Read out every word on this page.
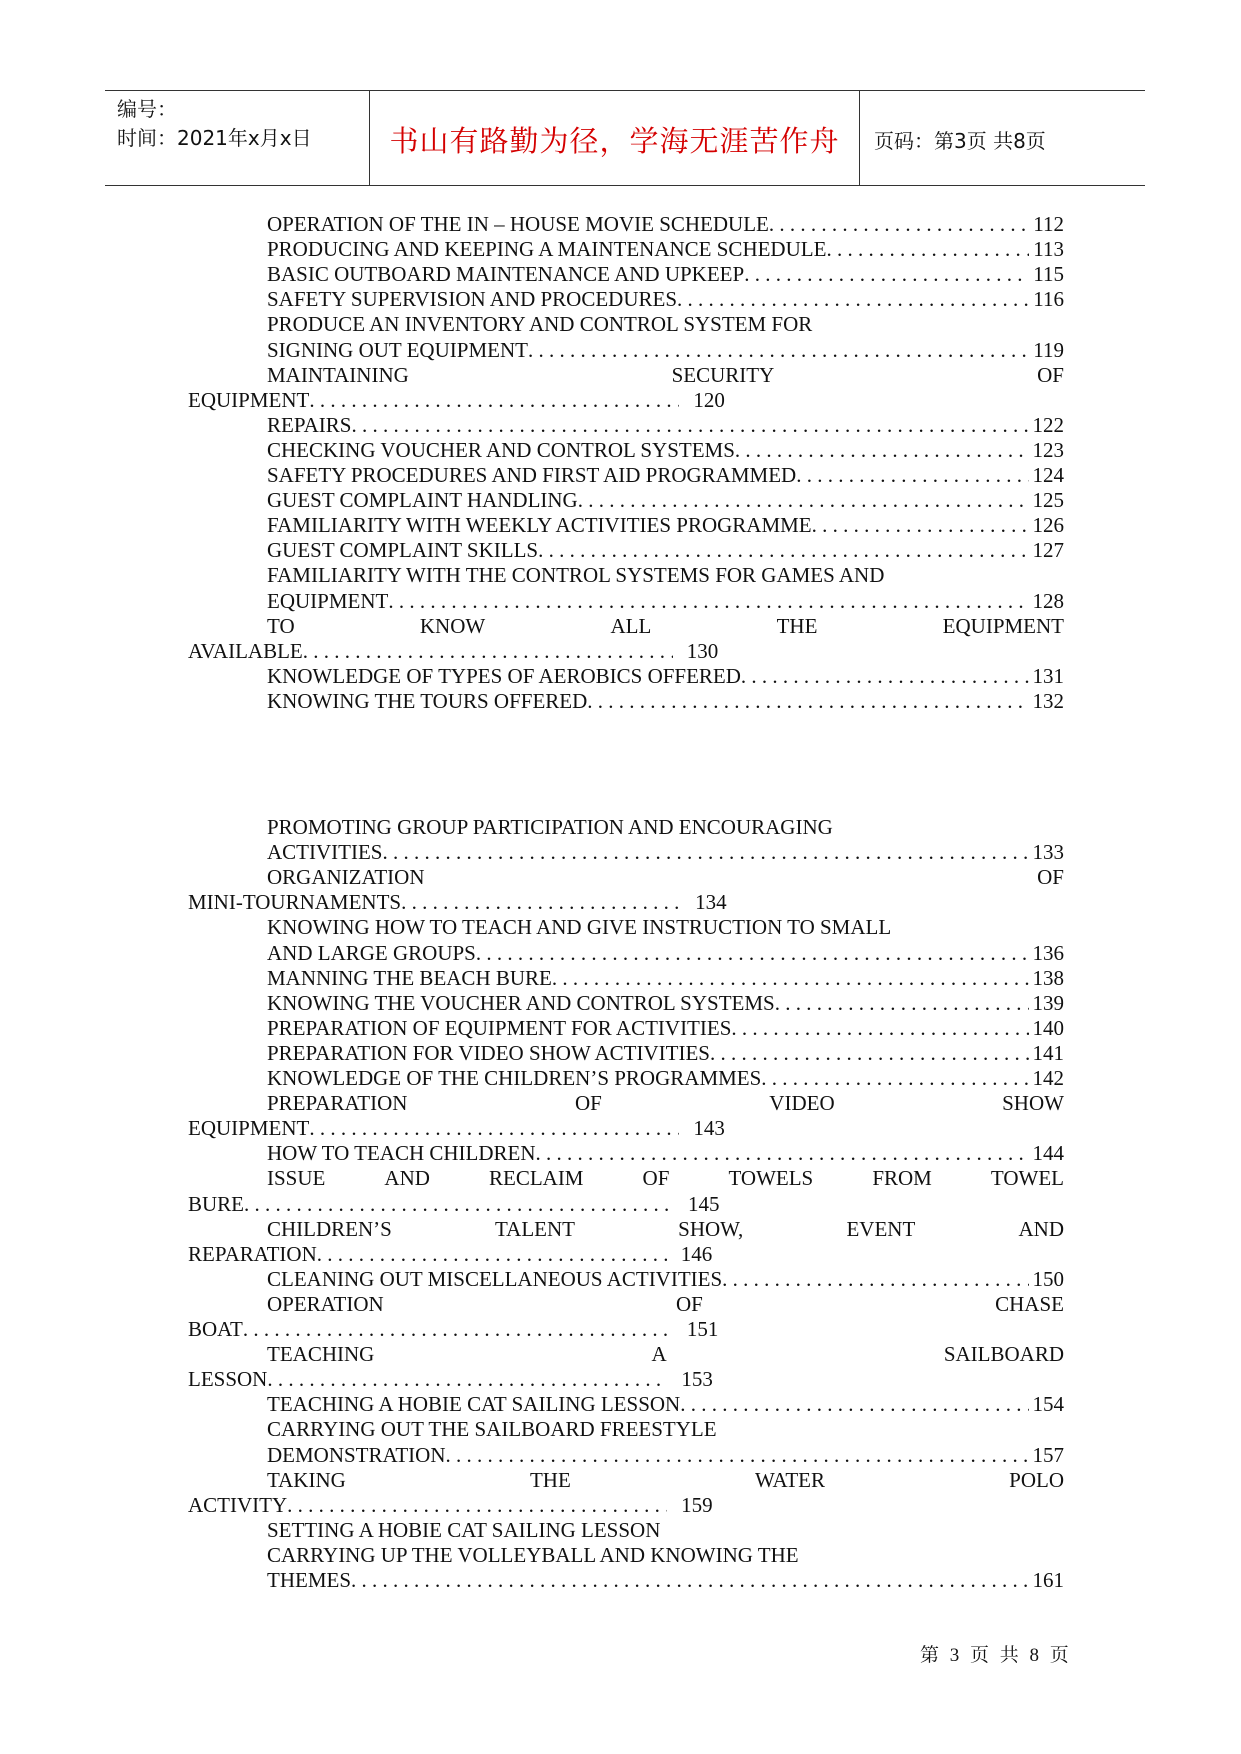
编号：
时间：2021年x月x日	书山有路勤为径，学海无涯苦作舟	页码：第3页 共8页
OPERATION OF THE IN – HOUSE MOVIE SCHEDULE . . .	112
PRODUCING AND KEEPING A MAINTENANCE SCHEDULE . . .	113
BASIC OUTBOARD MAINTENANCE AND UPKEEP . . .	115
SAFETY SUPERVISION AND PROCEDURES . . .	116
PRODUCE AN INVENTORY AND CONTROL SYSTEM FOR
SIGNING OUT EQUIPMENT . . .	119
MAINTAINING	SECURITY	OF
EQUIPMENT . . .	120
REPAIRS . . .	122
CHECKING VOUCHER AND CONTROL SYSTEMS . . .	123
SAFETY PROCEDURES AND FIRST AID PROGRAMMED . . .	124
GUEST COMPLAINT HANDLING . . .	125
FAMILIARITY WITH WEEKLY ACTIVITIES PROGRAMME . . .	126
GUEST COMPLAINT SKILLS . . .	127
FAMILIARITY WITH THE CONTROL SYSTEMS FOR GAMES AND
EQUIPMENT . . .	128
TO	KNOW	ALL	THE	EQUIPMENT
AVAILABLE . . .	130
KNOWLEDGE OF TYPES OF AEROBICS OFFERED . . .	131
KNOWING THE TOURS OFFERED . . .	132
PROMOTING GROUP PARTICIPATION AND ENCOURAGING
ACTIVITIES . . .	133
ORGANIZATION	OF
MINI-TOURNAMENTS . . .	134
KNOWING HOW TO TEACH AND GIVE INSTRUCTION TO SMALL
AND LARGE GROUPS . . .	136
MANNING THE BEACH BURE . . .	138
KNOWING THE VOUCHER AND CONTROL SYSTEMS . . .	139
PREPARATION OF EQUIPMENT FOR ACTIVITIES . . .	140
PREPARATION FOR VIDEO SHOW ACTIVITIES . . .	141
KNOWLEDGE OF THE CHILDREN’S PROGRAMMES . . .	142
PREPARATION	OF	VIDEO	SHOW
EQUIPMENT . . .	143
HOW TO TEACH CHILDREN . . .	144
ISSUE	AND	RECLAIM	OF	TOWELS	FROM	TOWEL
BURE . . .	145
CHILDREN’S	TALENT	SHOW,	EVENT	AND
REPARATION . . .	146
CLEANING OUT MISCELLANEOUS ACTIVITIES . . .	150
OPERATION	OF	CHASE
BOAT . . .	151
TEACHING	A	SAILBOARD
LESSON . . .	153
TEACHING A HOBIE CAT SAILING LESSON . . .	154
CARRYING OUT THE SAILBOARD FREESTYLE
DEMONSTRATION . . .	157
TAKING	THE	WATER	POLO
ACTIVITY . . .	159
SETTING A HOBIE CAT SAILING LESSON
CARRYING UP THE VOLLEYBALL AND KNOWING THE
THEMES . . .	161
第 3 页 共 8 页
